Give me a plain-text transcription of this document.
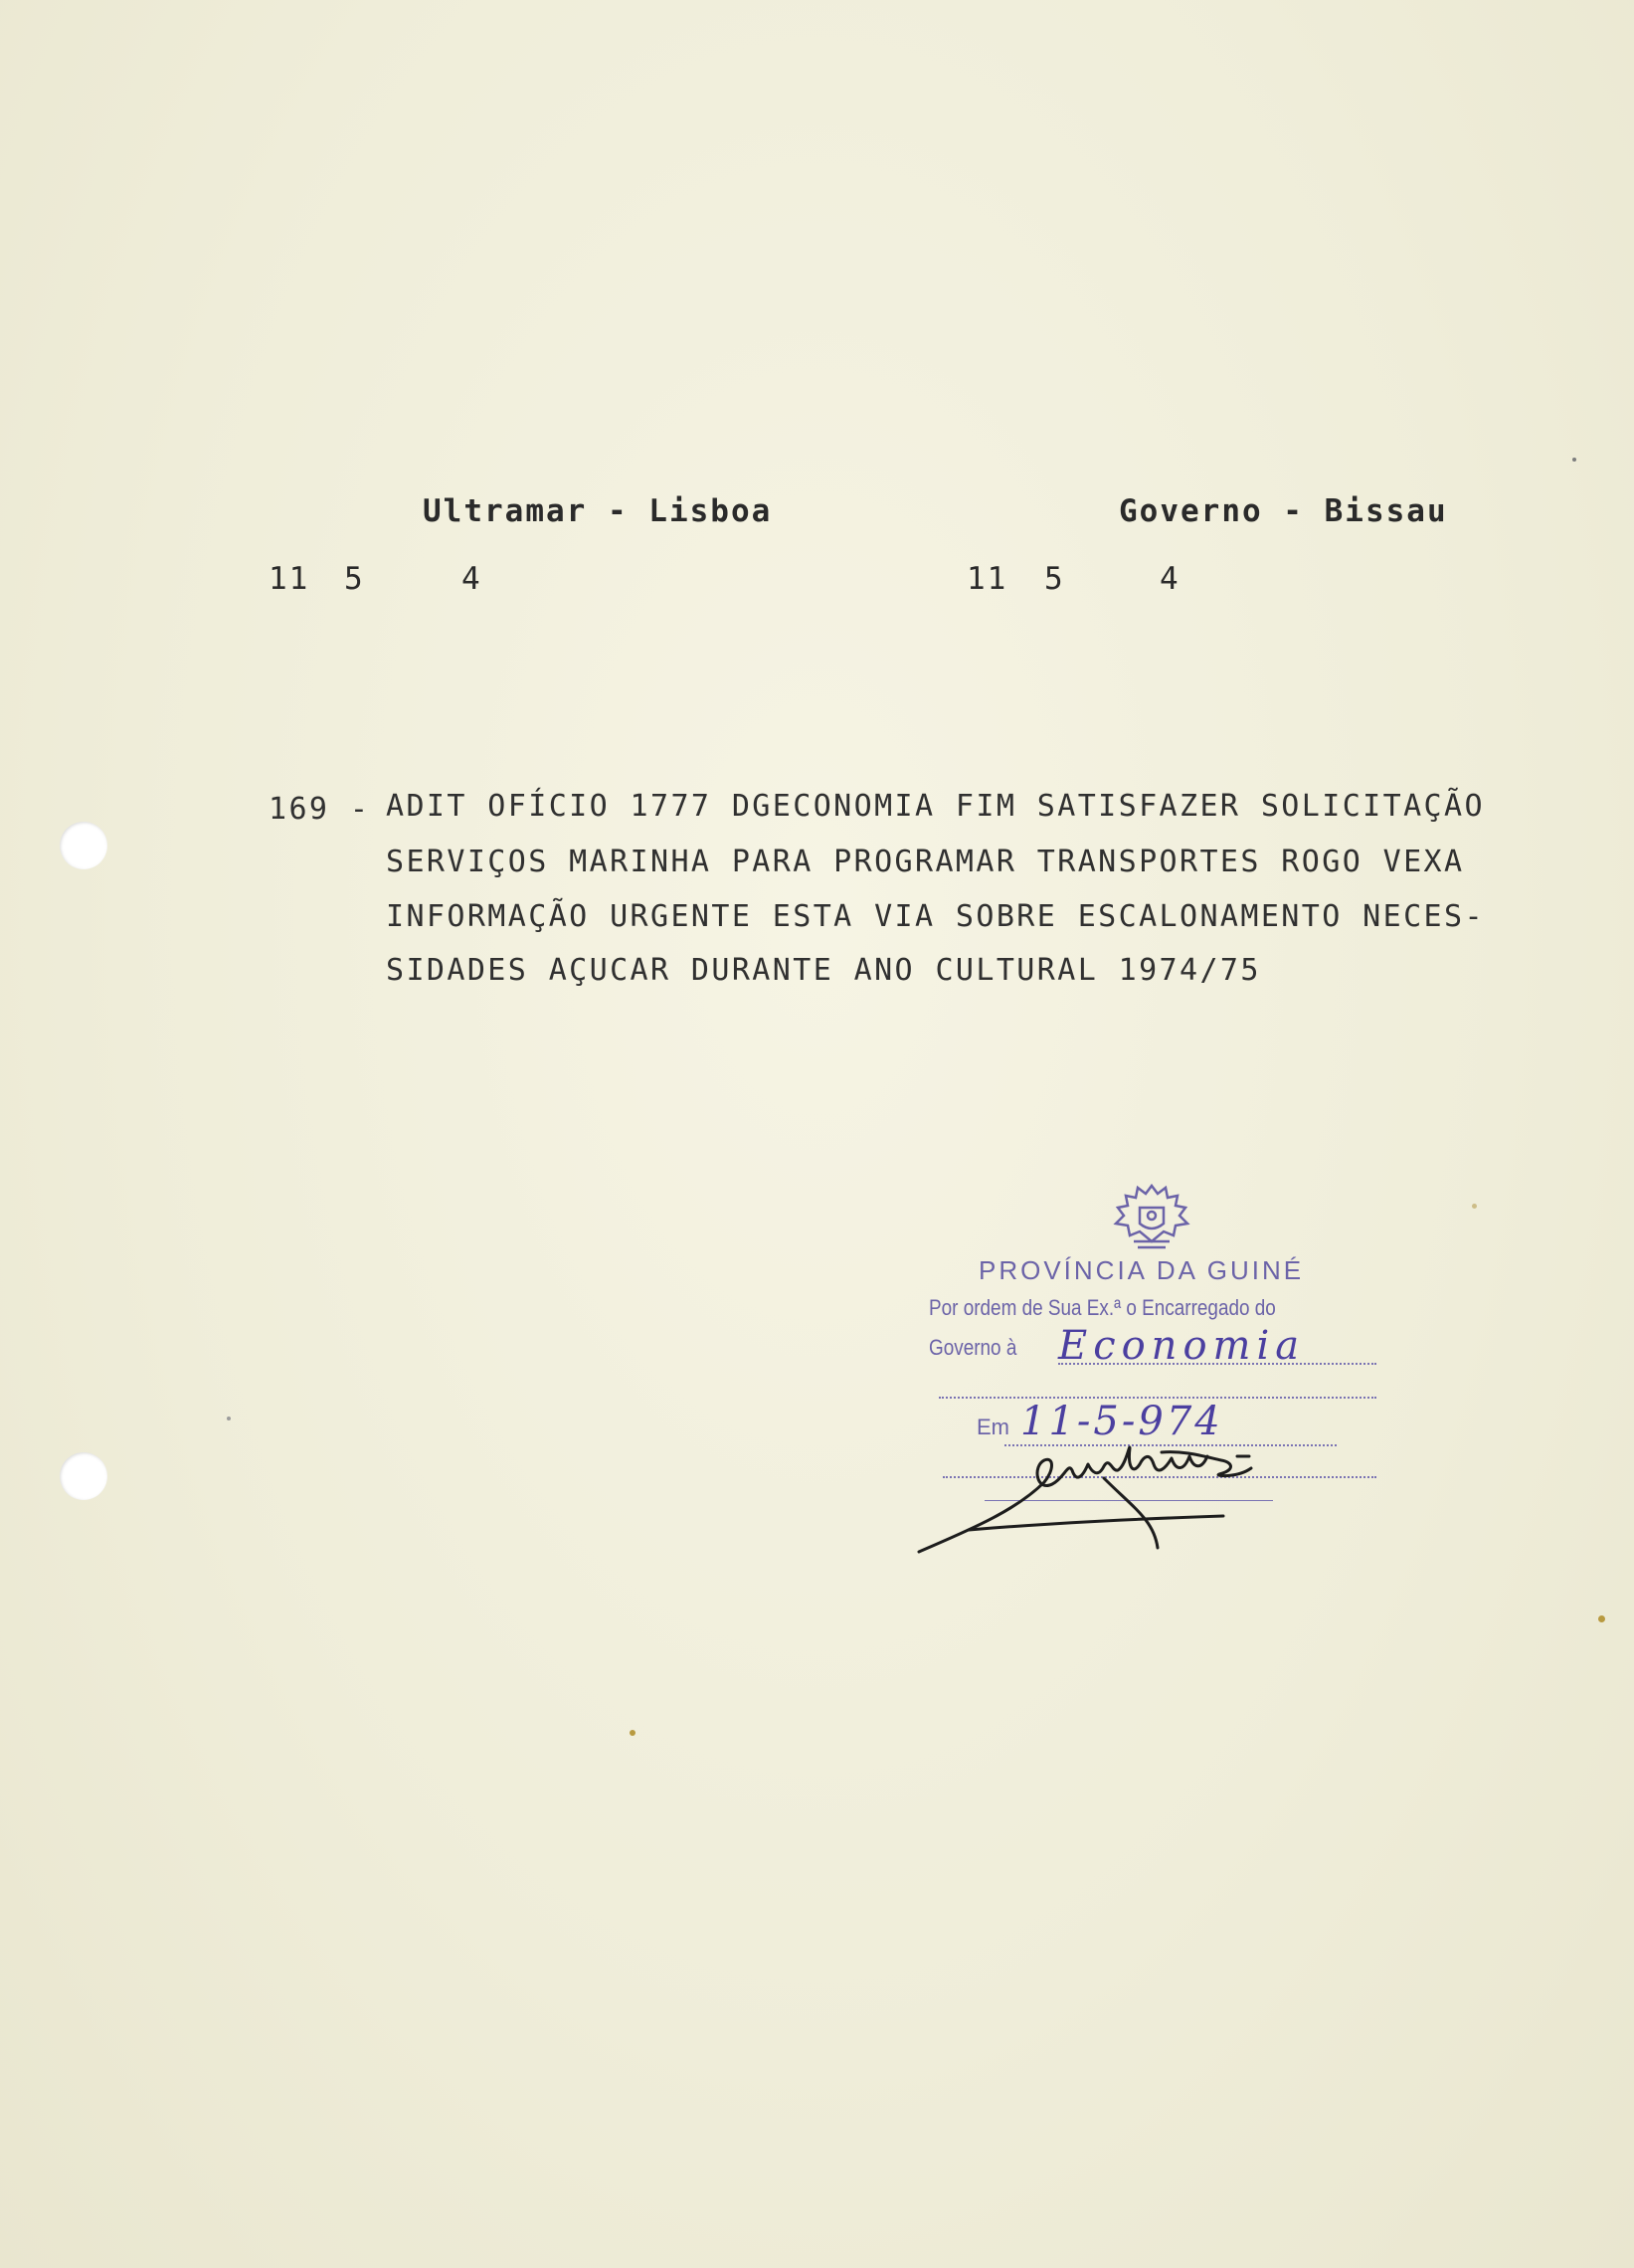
Ultramar - Lisboa	Governo - Bissau
11 5	4	11 5	4
169 - ADIT OFÍCIO 1777 DGECONOMIA FIM SATISFAZER SOLICITAÇÃO
SERVIÇOS MARINHA PARA PROGRAMAR TRANSPORTES ROGO VEXA
INFORMAÇÃO URGENTE ESTA VIA SOBRE ESCALONAMENTO NECES-
SIDADES AÇUCAR DURANTE ANO CULTURAL 1974/75
PROVÍNCIA DA GUINÉ
Por ordem de Sua Ex.ª o Encarregado do
Governo à Economia
Em 11-5-974
